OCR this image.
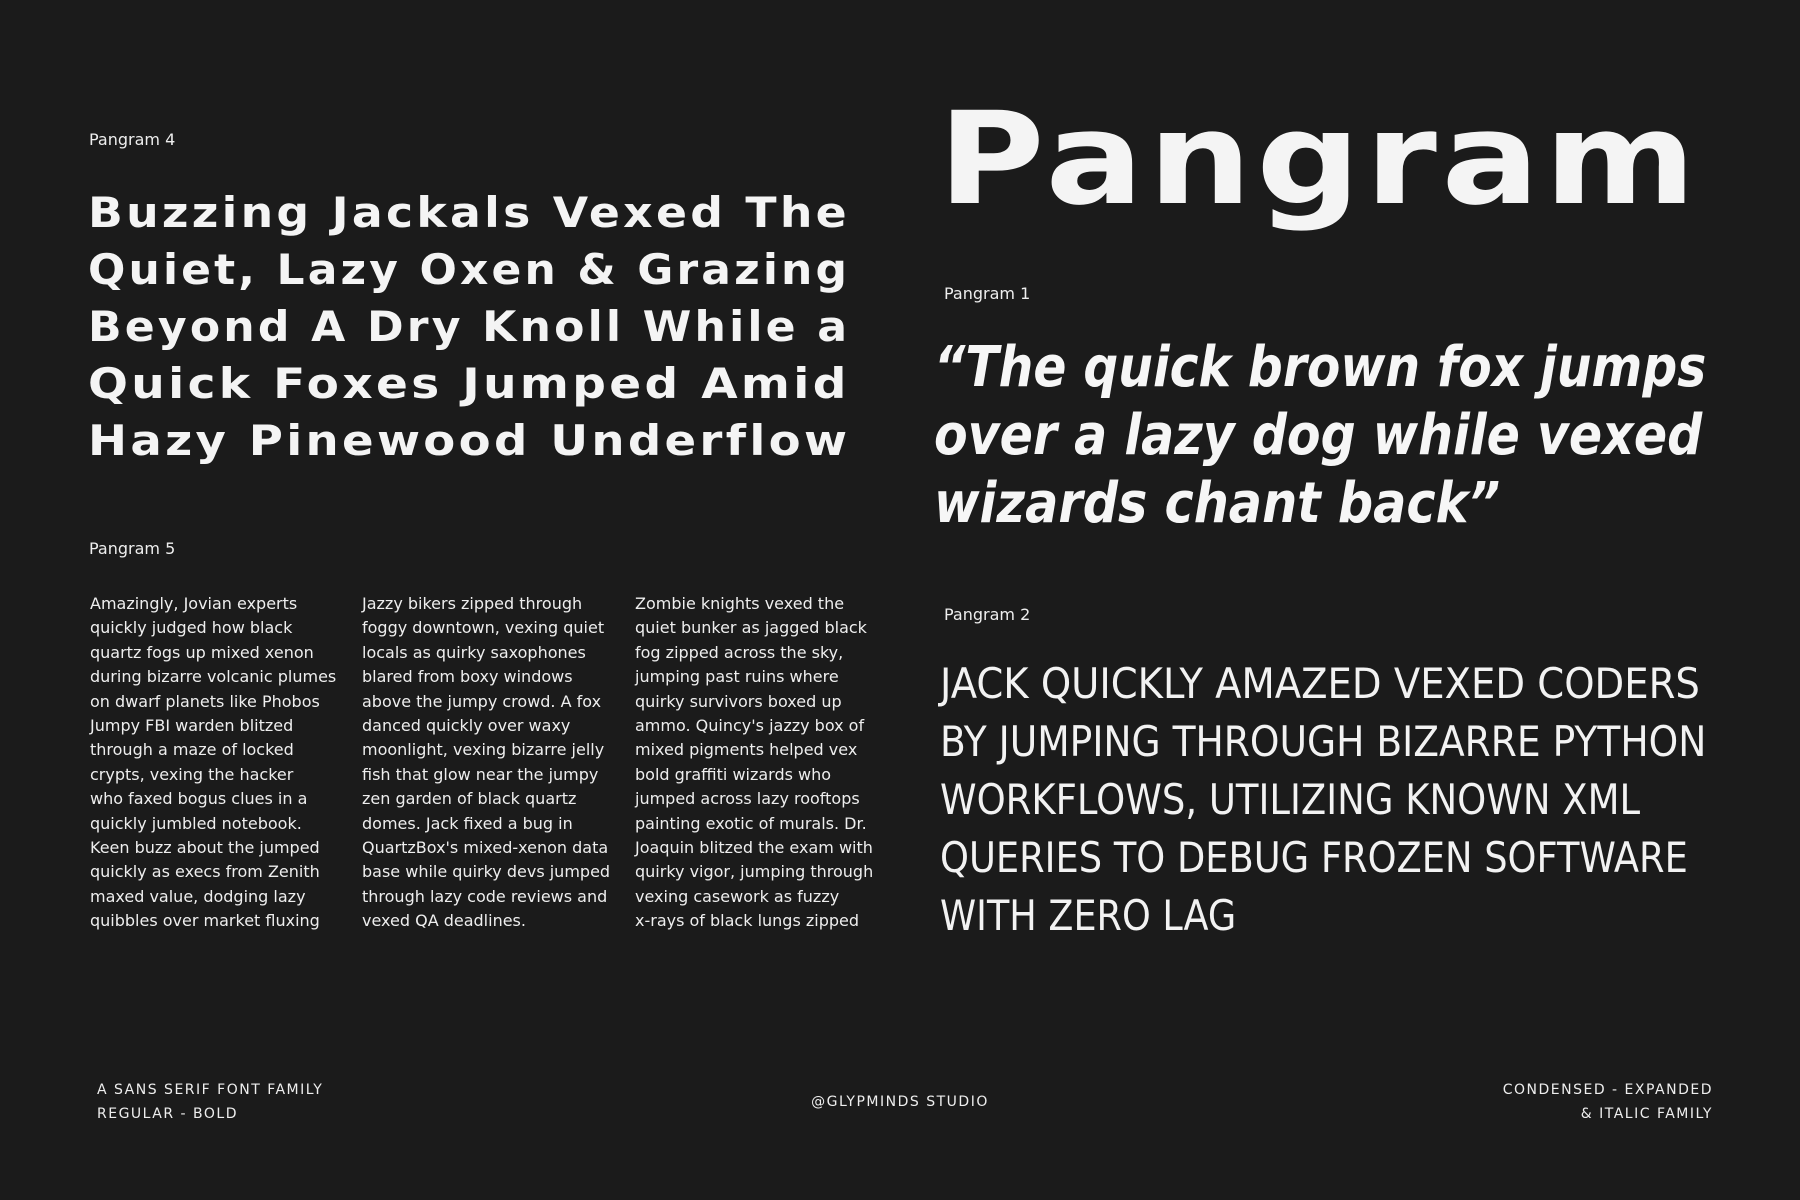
Pangram 4
Buzzing Jackals Vexed The
Quiet, Lazy Oxen & Grazing
Beyond A Dry Knoll While a
Quick Foxes Jumped Amid
Hazy Pinewood Underflow
Pangram 5
Amazingly, Jovian experts
quickly judged how black
quartz fogs up mixed xenon
during bizarre volcanic plumes
on dwarf planets like Phobos
Jumpy FBI warden blitzed
through a maze of locked
crypts, vexing the hacker
who faxed bogus clues in a
quickly jumbled notebook.
Keen buzz about the jumped
quickly as execs from Zenith
maxed value, dodging lazy
quibbles over market fluxing
Jazzy bikers zipped through
foggy downtown, vexing quiet
locals as quirky saxophones
blared from boxy windows
above the jumpy crowd. A fox
danced quickly over waxy
moonlight, vexing bizarre jelly
fish that glow near the jumpy
zen garden of black quartz
domes. Jack fixed a bug in
QuartzBox's mixed-xenon data
base while quirky devs jumped
through lazy code reviews and
vexed QA deadlines.
Zombie knights vexed the
quiet bunker as jagged black
fog zipped across the sky,
jumping past ruins where
quirky survivors boxed up
ammo. Quincy's jazzy box of
mixed pigments helped vex
bold graffiti wizards who
jumped across lazy rooftops
painting exotic of murals. Dr.
Joaquin blitzed the exam with
quirky vigor, jumping through
vexing casework as fuzzy
x-rays of black lungs zipped
Pangram
Pangram 1
“The quick brown fox jumps
over a lazy dog while vexed
wizards chant back”
Pangram 2
JACK QUICKLY AMAZED VEXED CODERS
BY JUMPING THROUGH BIZARRE PYTHON
WORKFLOWS, UTILIZING KNOWN XML
QUERIES TO DEBUG FROZEN SOFTWARE
WITH ZERO LAG
A SANS SERIF FONT FAMILY
REGULAR - BOLD
@GLYPMINDS STUDIO
CONDENSED - EXPANDED
& ITALIC FAMILY
